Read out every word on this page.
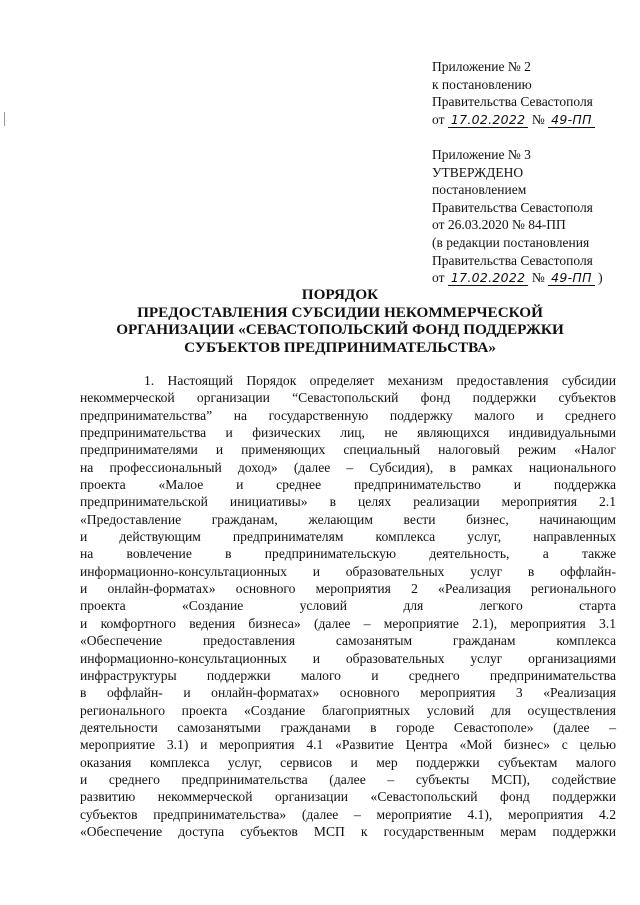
Приложение № 2
к постановлению
Правительства Севастополя
от 17.02.2022 № 49-ПП
Приложение № 3
УТВЕРЖДЕНО
постановлением
Правительства Севастополя
от 26.03.2020 № 84-ПП
(в редакции постановления
Правительства Севастополя
от 17.02.2022 № 49-ПП )
ПОРЯДОК
ПРЕДОСТАВЛЕНИЯ СУБСИДИИ НЕКОММЕРЧЕСКОЙ
ОРГАНИЗАЦИИ «СЕВАСТОПОЛЬСКИЙ ФОНД ПОДДЕРЖКИ
СУБЪЕКТОВ ПРЕДПРИНИМАТЕЛЬСТВА»
1. Настоящий Порядок определяет механизм предоставления субсидии
некоммерческой организации “Севастопольский фонд поддержки субъектов
предпринимательства” на государственную поддержку малого и среднего
предпринимательства и физических лиц, не являющихся индивидуальными
предпринимателями и применяющих специальный налоговый режим «Налог
на профессиональный доход» (далее – Субсидия), в рамках национального
проекта «Малое и среднее предпринимательство и поддержка
предпринимательской инициативы» в целях реализации мероприятия 2.1
«Предоставление гражданам, желающим вести бизнес, начинающим
и действующим предпринимателям комплекса услуг, направленных
на вовлечение в предпринимательскую деятельность, а также
информационно-консультационных и образовательных услуг в оффлайн-
и онлайн-форматах» основного мероприятия 2 «Реализация регионального
проекта «Создание условий для легкого старта
и комфортного ведения бизнеса» (далее – мероприятие 2.1), мероприятия 3.1
«Обеспечение предоставления самозанятым гражданам комплекса
информационно-консультационных и образовательных услуг организациями
инфраструктуры поддержки малого и среднего предпринимательства
в оффлайн- и онлайн-форматах» основного мероприятия 3 «Реализация
регионального проекта «Создание благоприятных условий для осуществления
деятельности самозанятыми гражданами в городе Севастополе» (далее –
мероприятие 3.1) и мероприятия 4.1 «Развитие Центра «Мой бизнес» с целью
оказания комплекса услуг, сервисов и мер поддержки субъектам малого
и среднего предпринимательства (далее – субъекты МСП), содействие
развитию некоммерческой организации «Севастопольский фонд поддержки
субъектов предпринимательства» (далее – мероприятие 4.1), мероприятия 4.2
«Обеспечение доступа субъектов МСП к государственным мерам поддержки
